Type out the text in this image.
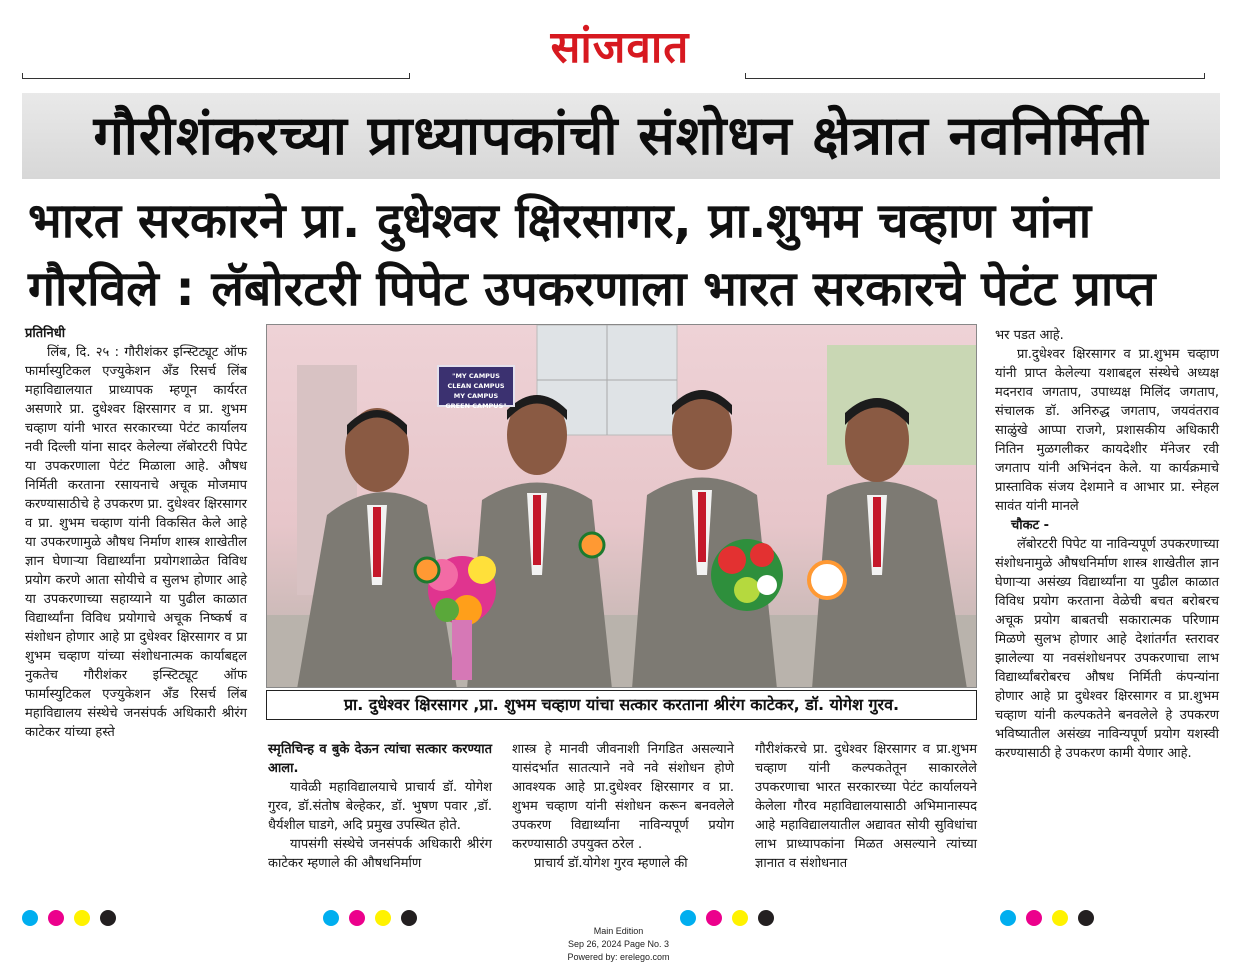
सांजवात
गौरीशंकरच्या प्राध्यापकांची संशोधन क्षेत्रात नवनिर्मिती
भारत सरकारने प्रा. दुधेश्वर क्षिरसागर, प्रा.शुभम चव्हाण यांना
गौरविले : लॅबोरटरी पिपेट उपकरणाला भारत सरकारचे पेटंट प्राप्त

प्रतिनिधी

लिंब, दि. २५ : गौरीशंकर इन्स्टिट्यूट ऑफ फार्मास्युटिकल एज्युकेशन अँड रिसर्च लिंब महाविद्यालयात प्राध्यापक म्हणून कार्यरत असणारे प्रा. दुधेश्वर क्षिरसागर व प्रा. शुभम चव्हाण यांनी भारत सरकारच्या पेटंट कार्यालय नवी दिल्ली यांना सादर केलेल्या लॅबोरटरी पिपेट या उपकरणाला पेटंट मिळाला आहे. औषध निर्मिती करताना रसायनाचे अचूक मोजमाप करण्यासाठीचे हे उपकरण प्रा. दुधेश्वर क्षिरसागर व प्रा. शुभम चव्हाण यांनी विकसित केले आहे या उपकरणामुळे औषध निर्माण शास्त्र शाखेतील ज्ञान घेणाऱ्या विद्यार्थ्यांना प्रयोगशाळेत विविध प्रयोग करणे आता सोयीचे व सुलभ होणार आहे या उपकरणाच्या सहाय्याने या पुढील काळात विद्यार्थ्यांना विविध प्रयोगाचे अचूक निष्कर्ष व संशोधन होणार आहे प्रा दुधेश्वर क्षिरसागर व प्रा शुभम चव्हाण यांच्या संशोधनात्मक कार्याबद्दल नुकतेच गौरीशंकर इन्स्टिट्यूट ऑफ फार्मास्युटिकल एज्युकेशन अँड रिसर्च लिंब महाविद्यालय संस्थेचे जनसंपर्क अधिकारी श्रीरंग काटेकर यांच्या हस्ते

"MY CAMPUS
CLEAN CAMPUS
MY CAMPUS
GREEN CAMPUS"
प्रा. दुधेश्वर क्षिरसागर ,प्रा. शुभम चव्हाण यांचा सत्कार करताना श्रीरंग काटेकर, डॉ. योगेश गुरव.

स्मृतिचिन्ह व बुके देऊन त्यांचा सत्कार करण्यात आला.

यावेळी महाविद्यालयाचे प्राचार्य डॉ. योगेश गुरव, डॉ.संतोष बेल्हेकर, डॉ. भुषण पवार ,डॉ. धैर्यशील घाडगे, अदि प्रमुख उपस्थित होते.

यापसंगी संस्थेचे जनसंपर्क अधिकारी श्रीरंग काटेकर म्हणाले की औषधनिर्माण

शास्त्र हे मानवी जीवनाशी निगडित असल्याने यासंदर्भात सातत्याने नवे नवे संशोधन होणे आवश्यक आहे प्रा.दुधेश्वर क्षिरसागर व प्रा. शुभम चव्हाण यांनी संशोधन करून बनवलेले उपकरण विद्यार्थ्यांना नाविन्यपूर्ण प्रयोग करण्यासाठी उपयुक्त ठरेल .

प्राचार्य डॉ.योगेश गुरव म्हणाले की

गौरीशंकरचे प्रा. दुधेश्वर क्षिरसागर व प्रा.शुभम चव्हाण यांनी कल्पकतेतून साकारलेले उपकरणाचा भारत सरकारच्या पेटंट कार्यालयने केलेला गौरव महाविद्यालयासाठी अभिमानास्पद आहे महाविद्यालयातील अद्यावत सोयी सुविधांचा लाभ प्राध्यापकांना मिळत असल्याने त्यांच्या ज्ञानात व संशोधनात

भर पडत आहे.

प्रा.दुधेश्वर क्षिरसागर व प्रा.शुभम चव्हाण यांनी प्राप्त केलेल्या यशाबद्दल संस्थेचे अध्यक्ष मदनराव जगताप, उपाध्यक्ष मिलिंद जगताप, संचालक डॉ. अनिरुद्ध जगताप, जयवंतराव साळुंखे आप्पा राजगे, प्रशासकीय अधिकारी नितिन मुळगलीकर कायदेशीर मॅनेजर रवी जगताप यांनी अभिनंदन केले. या कार्यक्रमाचे प्रास्ताविक संजय देशमाने व आभार प्रा. स्नेहल सावंत यांनी मानले

चौकट -

लॅबोरटरी पिपेट या नाविन्यपूर्ण उपकरणाच्या संशोधनामुळे औषधनिर्माण शास्त्र शाखेतील ज्ञान घेणाऱ्या असंख्य विद्यार्थ्यांना या पुढील काळात विविध प्रयोग करताना वेळेची बचत बरोबरच अचूक प्रयोग बाबतची सकारात्मक परिणाम मिळणे सुलभ होणार आहे देशांतर्गत स्तरावर झालेल्या या नवसंशोधनपर उपकरणाचा लाभ विद्यार्थ्यांबरोबरच औषध निर्मिती कंपन्यांना होणार आहे प्रा दुधेश्वर क्षिरसागर व प्रा.शुभम चव्हाण यांनी कल्पकतेने बनवलेले हे उपकरण भविष्यातील असंख्य नाविन्यपूर्ण प्रयोग यशस्वी करण्यासाठी हे उपकरण कामी येणार आहे.

Main Edition
Sep 26, 2024 Page No. 3
Powered by: erelego.com
